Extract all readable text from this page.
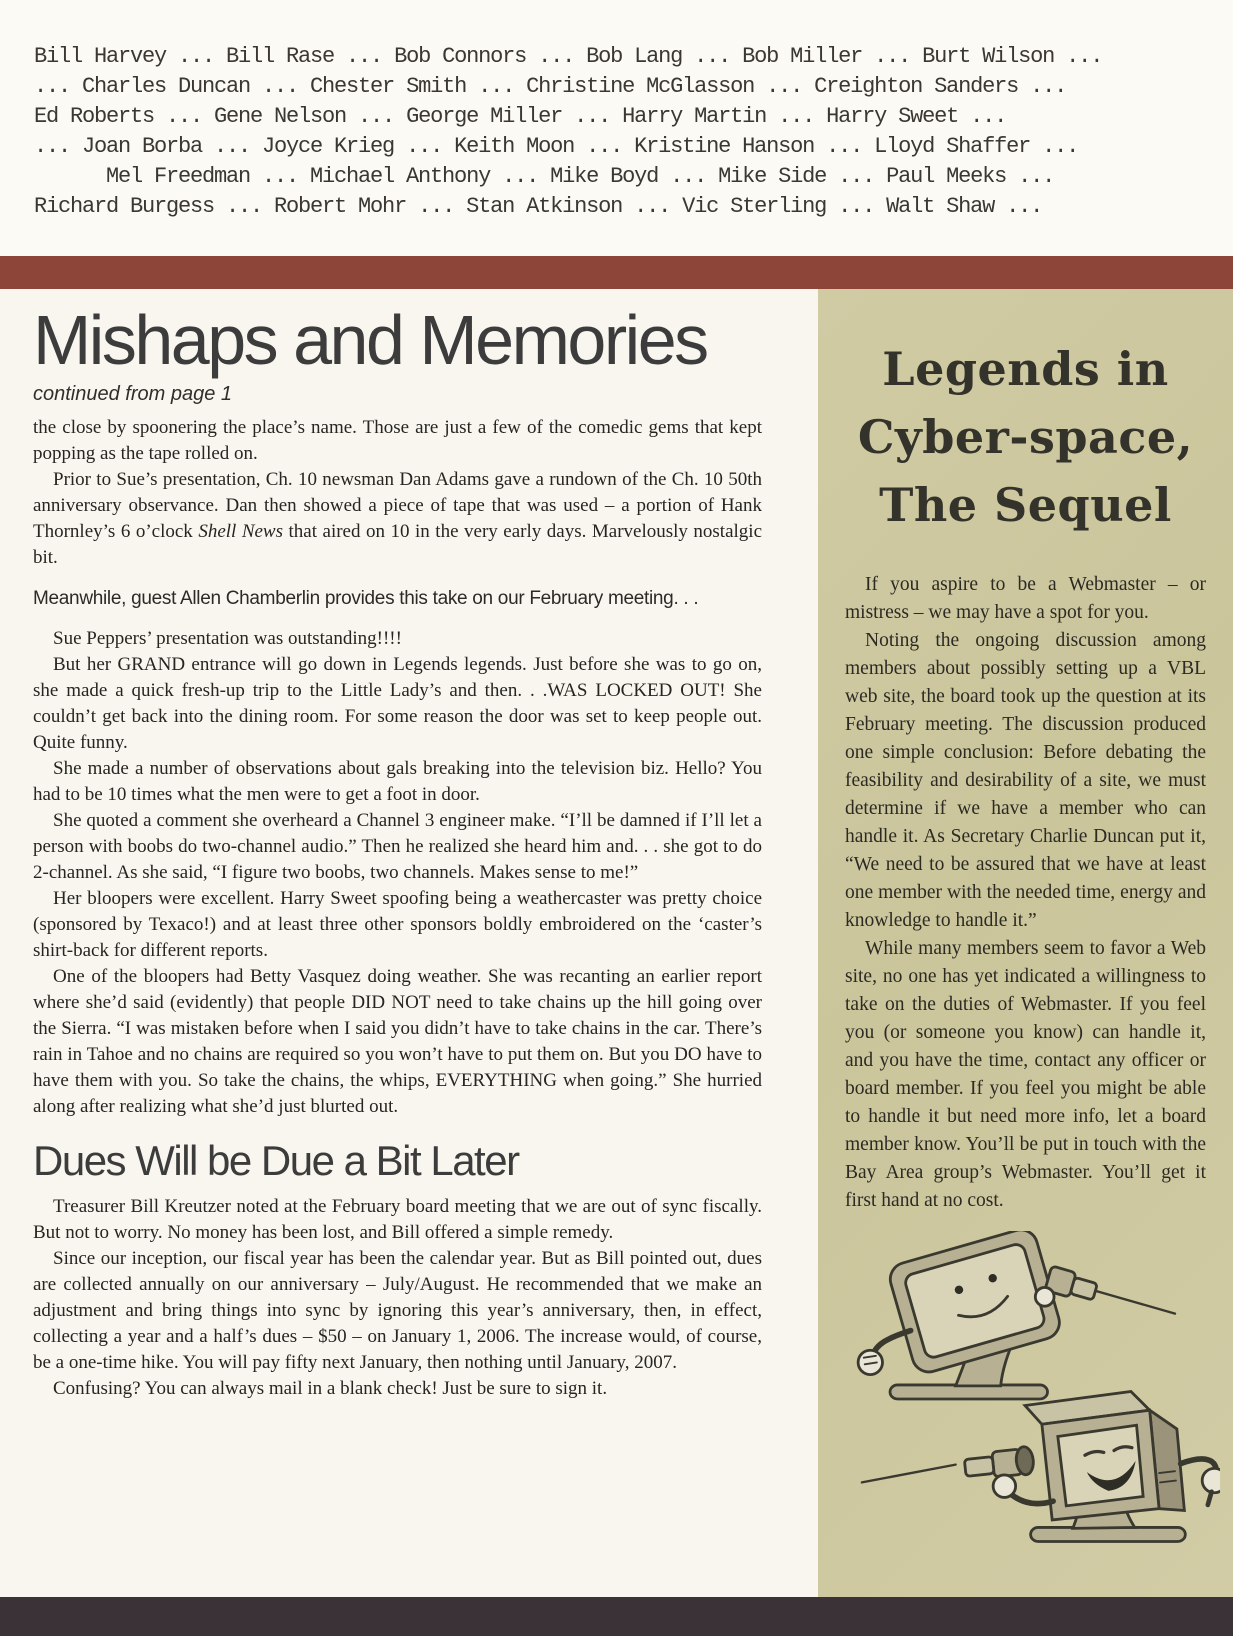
Bill Harvey ... Bill Rase ... Bob Connors ... Bob Lang ... Bob Miller ... Burt Wilson ...
... Charles Duncan ... Chester Smith ... Christine McGlasson ... Creighton Sanders ...
Ed Roberts ... Gene Nelson ... George Miller ... Harry Martin ... Harry Sweet ...
... Joan Borba ... Joyce Krieg ... Keith Moon ... Kristine Hanson ... Lloyd Shaffer ...
Mel Freedman ... Michael Anthony ... Mike Boyd ... Mike Side ... Paul Meeks ...
Richard Burgess ... Robert Mohr ... Stan Atkinson ... Vic Sterling ... Walt Shaw ...
Mishaps and Memories
continued from page 1

the close by spoonering the place’s name. Those are just a few of the comedic gems that kept popping as the tape rolled on.

Prior to Sue’s presentation, Ch. 10 newsman Dan Adams gave a rundown of the Ch. 10 50th anniversary observance. Dan then showed a piece of tape that was used – a portion of Hank Thornley’s 6 o’clock Shell News that aired on 10 in the very early days. Marvelously nostalgic bit.

Meanwhile, guest Allen Chamberlin provides this take on our February meeting. . .

Sue Peppers’ presentation was outstanding!!!!

But her GRAND entrance will go down in Legends legends. Just before she was to go on, she made a quick fresh-up trip to the Little Lady’s and then. . .WAS LOCKED OUT! She couldn’t get back into the dining room. For some reason the door was set to keep people out. Quite funny.

She made a number of observations about gals breaking into the television biz. Hello? You had to be 10 times what the men were to get a foot in door.

She quoted a comment she overheard a Channel 3 engineer make. “I’ll be damned if I’ll let a person with boobs do two-channel audio.” Then he realized she heard him and. . . she got to do 2-channel. As she said, “I figure two boobs, two channels. Makes sense to me!”

Her bloopers were excellent. Harry Sweet spoofing being a weathercaster was pretty choice (sponsored by Texaco!) and at least three other sponsors boldly embroidered on the ‘caster’s shirt-back for different reports.

One of the bloopers had Betty Vasquez doing weather. She was recanting an earlier report where she’d said (evidently) that people DID NOT need to take chains up the hill going over the Sierra. “I was mistaken before when I said you didn’t have to take chains in the car. There’s rain in Tahoe and no chains are required so you won’t have to put them on. But you DO have to have them with you. So take the chains, the whips, EVERYTHING when going.” She hurried along after realizing what she’d just blurted out.

Dues Will be Due a Bit Later

Treasurer Bill Kreutzer noted at the February board meeting that we are out of sync fiscally. But not to worry. No money has been lost, and Bill offered a simple remedy.

Since our inception, our fiscal year has been the calendar year. But as Bill pointed out, dues are collected annually on our anniversary – July/August. He recommended that we make an adjustment and bring things into sync by ignoring this year’s anniversary, then, in effect, collecting a year and a half’s dues – $50 – on January 1, 2006. The increase would, of course, be a one-time hike. You will pay fifty next January, then nothing until January, 2007.

Confusing? You can always mail in a blank check! Just be sure to sign it.

Legends in
Cyber-space,
The Sequel

If you aspire to be a Webmaster – or mistress – we may have a spot for you.

Noting the ongoing discussion among members about possibly setting up a VBL web site, the board took up the question at its February meeting. The discussion produced one simple conclusion: Before debating the feasibility and desirability of a site, we must determine if we have a member who can handle it. As Secretary Charlie Duncan put it, “We need to be assured that we have at least one member with the needed time, energy and knowledge to handle it.”

While many members seem to favor a Web site, no one has yet indicated a willingness to take on the duties of Webmaster. If you feel you (or someone you know) can handle it, and you have the time, contact any officer or board member. If you feel you might be able to handle it but need more info, let a board member know. You’ll be put in touch with the Bay Area group’s Webmaster. You’ll get it first hand at no cost.
